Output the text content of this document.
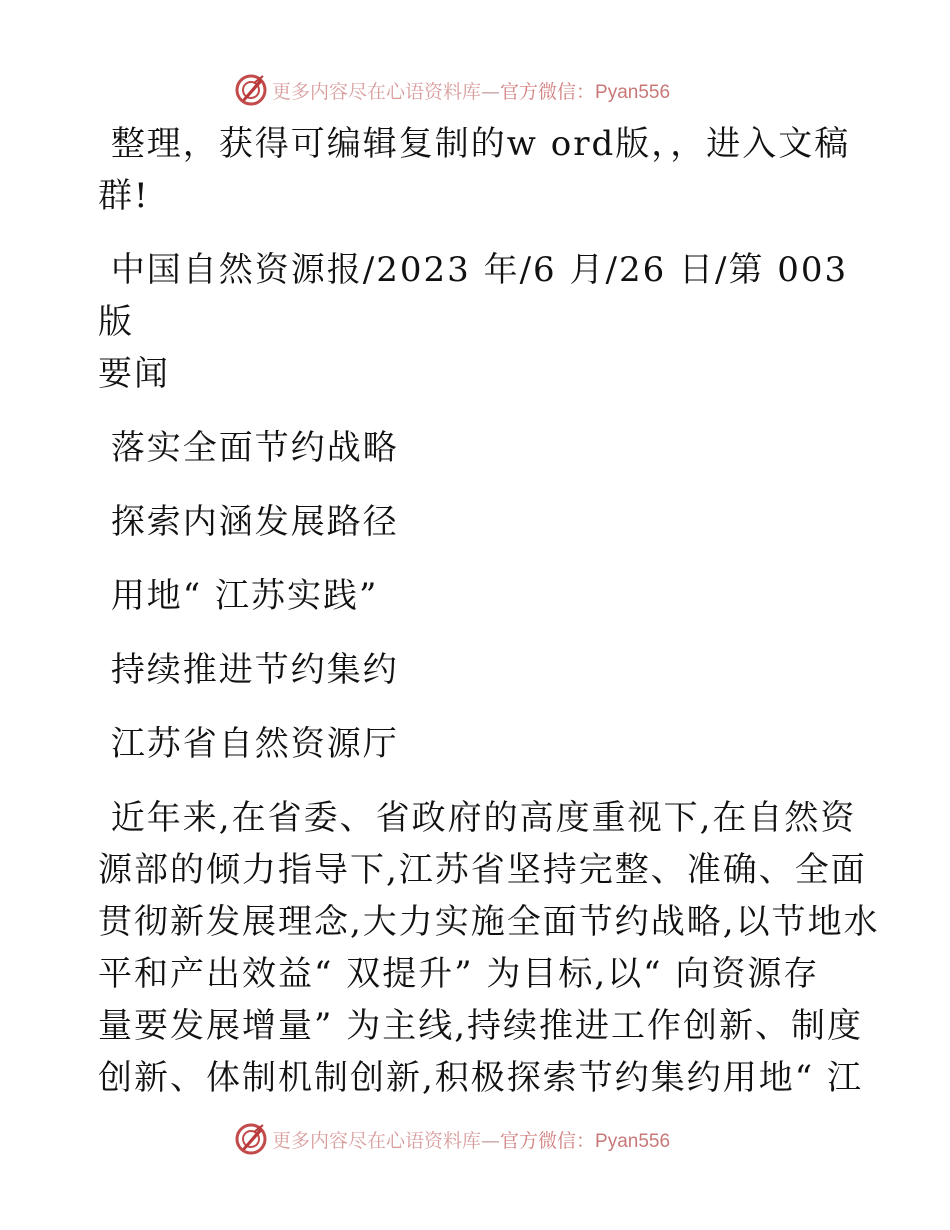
更多内容尽在心语资料库—官方微信：Pyan556

整理，获得可编辑复制的w ord版，，进入文稿

群!

中国自然资源报/2023 年/6 月/26 日/第 003 版

要闻

落实全面节约战略

探索内涵发展路径

用地“ 江苏实践”

持续推进节约集约

江苏省自然资源厅

近年来,在省委、省政府的高度重视下,在自然资
源部的倾力指导下,江苏省坚持完整、准确、全面
贯彻新发展理念,大力实施全面节约战略,以节地水
平和产出效益“ 双提升” 为目标,以“ 向资源存
量要发展增量” 为主线,持续推进工作创新、制度
创新、体制机制创新,积极探索节约集约用地“ 江
更多内容尽在心语资料库—官方微信：Pyan556
